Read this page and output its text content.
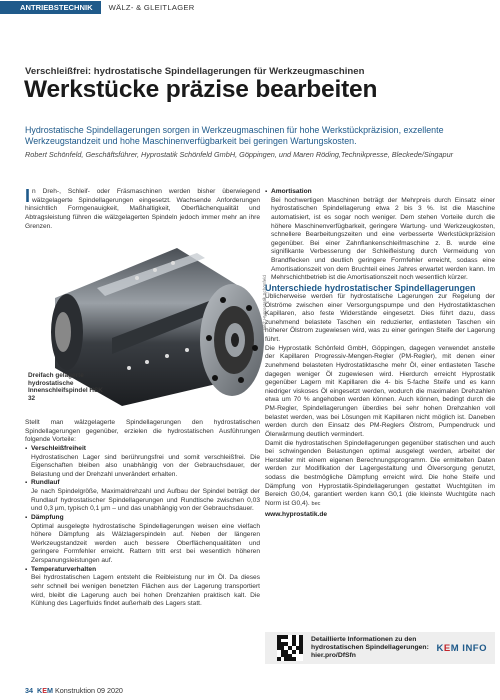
ANTRIEBSTECHNIK	WÄLZ- & GLEITLAGER
Verschleißfrei: hydrostatische Spindellagerungen für Werkzeugmaschinen
Werkstücke präzise bearbeiten
Hydrostatische Spindellagerungen sorgen in Werkzeugmaschinen für hohe Werkstückpräzision, exzellente Werkzeugstandzeit und hohe Maschinenverfügbarkeit bei geringen Wartungskosten.
Robert Schönfeld, Geschäftsführer, Hyprostatik Schönfeld GmbH, Göppingen, und Maren Röding,Technikpresse, Bleckede/Singapur
Dreifach gelagerte hydrostatische Innenschleifspindel HSK 32
Bild: Hyprostatik Schönfeld
I n Dreh-, Schleif- oder Fräsmaschinen werden bisher überwiegend wälzgelagerte Spindellagerungen eingesetzt. Wachsende Anforderungen hinsichtlich Formgenauigkeit, Maßhaltigkeit, Oberflächenqualität und Abtragsleistung führen die wälzgelagerten Spindeln jedoch immer mehr an ihre Grenzen.

Stellt man wälzgelagerte Spindellagerungen den hydrostatischen Spindellagerungen gegenüber, erzielen die hydrostatischen Ausführungen folgende Vorteile:

▪ Verschleißfreiheit

Hydrostatischen Lager sind berührungsfrei und somit verschleißfrei. Die Eigenschaften bleiben also unabhängig von der Gebrauchsdauer, der Belastung und der Drehzahl unverändert erhalten.

▪ Rundlauf

Je nach Spindelgröße, Maximaldrehzahl und Aufbau der Spindel beträgt der Rundlauf hydrostatischer Spindellagerungen und Rundtische zwischen 0,03 und 0,3 µm, typisch 0,1 µm – und das unabhängig von der Gebrauchsdauer.

▪ Dämpfung

Optimal ausgelegte hydrostatische Spindellagerungen weisen eine vielfach höhere Dämpfung als Wälzlagerspindeln auf. Neben der längeren Werkzeugstandzeit werden auch bessere Oberflächenqualitäten und geringere Formfehler erreicht. Rattern tritt erst bei wesentlich höheren Zerspanungsleistungen auf.

▪ Temperaturverhalten

Bei hydrostatischen Lagern entsteht die Reibleistung nur im Öl. Da dieses sehr schnell bei wenigen benetzten Flächen aus der Lagerung transportiert wird, bleibt die Lagerung auch bei hohen Drehzahlen praktisch kalt. Die Kühlung des Lagerfluids findet außerhalb des Lagers statt.

▪ Amortisation

Bei hochwertigen Maschinen beträgt der Mehrpreis durch Einsatz einer hydrostatischen Spindellagerung etwa 2 bis 3 %. Ist die Maschine automatisiert, ist es sogar noch weniger. Dem stehen Vorteile durch die höhere Maschinenverfügbarkeit, geringere Wartung- und Werkzeugkosten, schnellere Bearbeitungszeiten und eine verbesserte Werkstückpräzision gegenüber. Bei einer Zahnflankenschleifmaschine z. B. wurde eine signifikante Verbesserung der Schleifleistung durch Vermeidung von Brandflecken und deutlich geringere Formfehler erreicht, sodass eine Amortisationszeit von dem Bruchteil eines Jahres erwartet werden kann. Im Mehrschichtbetrieb ist die Amortisationszeit noch wesentlich kürzer.

Unterschiede hydrostatischer Spindellagerungen

Üblicherweise werden für hydrostatische Lagerungen zur Regelung der Ölströme zwischen einer Versorgungspumpe und den Hydrostatiktaschen Kapillaren, also feste Widerstände eingesetzt. Dies führt dazu, dass zunehmend belastete Taschen ein reduzierter, entlasteten Taschen ein höherer Ölstrom zugewiesen wird, was zu einer geringen Steife der Lagerung führt.

Die Hyprostatik Schönfeld GmbH, Göppingen, dagegen verwendet anstelle der Kapillaren Progressiv-Mengen-Regler (PM-Regler), mit denen einer zunehmend belasteten Hydrostatiktasche mehr Öl, einer entlasteten Tasche dagegen weniger Öl zugewiesen wird. Hierdurch erreicht Hyprostatik gegenüber Lagern mit Kapillaren die 4- bis 5-fache Steife und es kann niedriger viskoses Öl eingesetzt werden, wodurch die maximalen Drehzahlen etwa um 70 % angehoben werden können. Auch können, bedingt durch die PM-Regler, Spindellagerungen überdies bei sehr hohen Drehzahlen voll belastet werden, was bei Lösungen mit Kapillaren nicht möglich ist. Daneben werden durch den Einsatz des PM-Reglers Ölstrom, Pumpendruck und Ölerwärmung deutlich vermindert.

Damit die hydrostatischen Spindellagerungen gegenüber statischen und auch bei schwingenden Belastungen optimal ausgelegt werden, arbeitet der Hersteller mit einem eigenen Berechnungsprogramm. Die ermittelten Daten werden zur Modifikation der Lagergestaltung und Ölversorgung genutzt, sodass die bestmögliche Dämpfung erreicht wird. Die hohe Steife und Dämpfung von Hyprostatik-Spindellagerungen gestattet Wuchtgüten im Bereich G0,04, garantiert werden kann G0,1 (die kleinste Wuchtgüte nach Norm ist G0,4). bec

www.hyprostatik.de

Detaillierte Informationen zu den hydrostatischen Spindellagerungen: hier.pro/DfSfn
KEM INFO
34 KEM Konstruktion 09 2020
